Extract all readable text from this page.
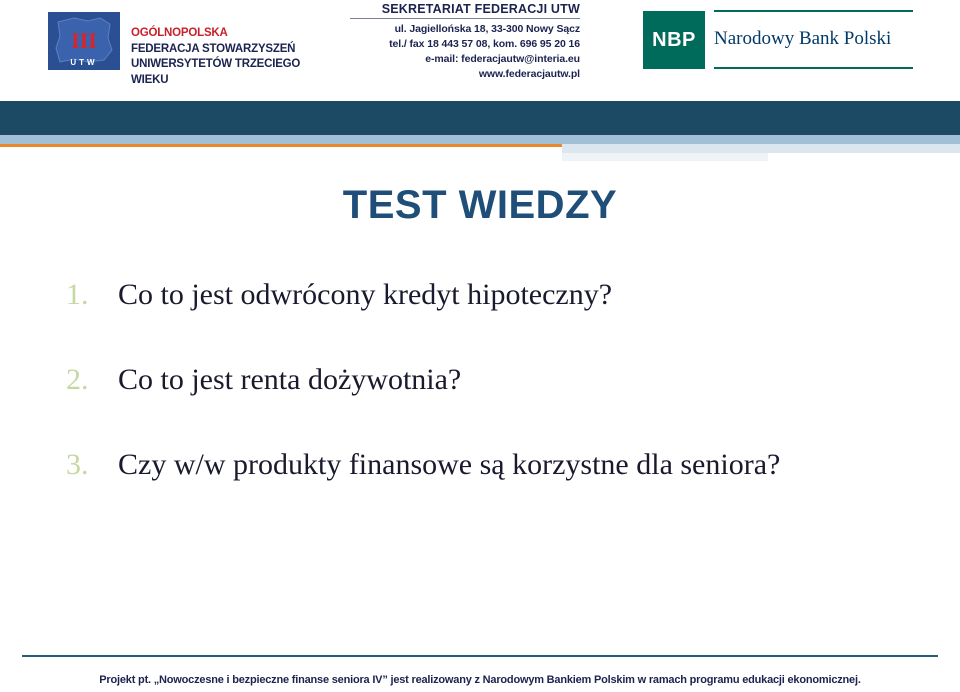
III
UTW
OGÓLNOPOLSKA
FEDERACJA STOWARZYSZEŃ
UNIWERSYTETÓW TRZECIEGO WIEKU
SEKRETARIAT FEDERACJI UTW
ul. Jagiellońska 18, 33-300 Nowy Sącz
tel./ fax 18 443 57 08, kom. 696 95 20 16
e-mail: federacjautw@interia.eu
www.federacjautw.pl
NBP Narodowy Bank Polski
TEST WIEDZY
1. Co to jest odwrócony kredyt hipoteczny?
2. Co to jest renta dożywotnia?
3. Czy w/w produkty finansowe są korzystne dla seniora?
Projekt pt. „Nowoczesne i bezpieczne finanse seniora IV” jest realizowany z Narodowym Bankiem Polskim w ramach programu edukacji ekonomicznej.
